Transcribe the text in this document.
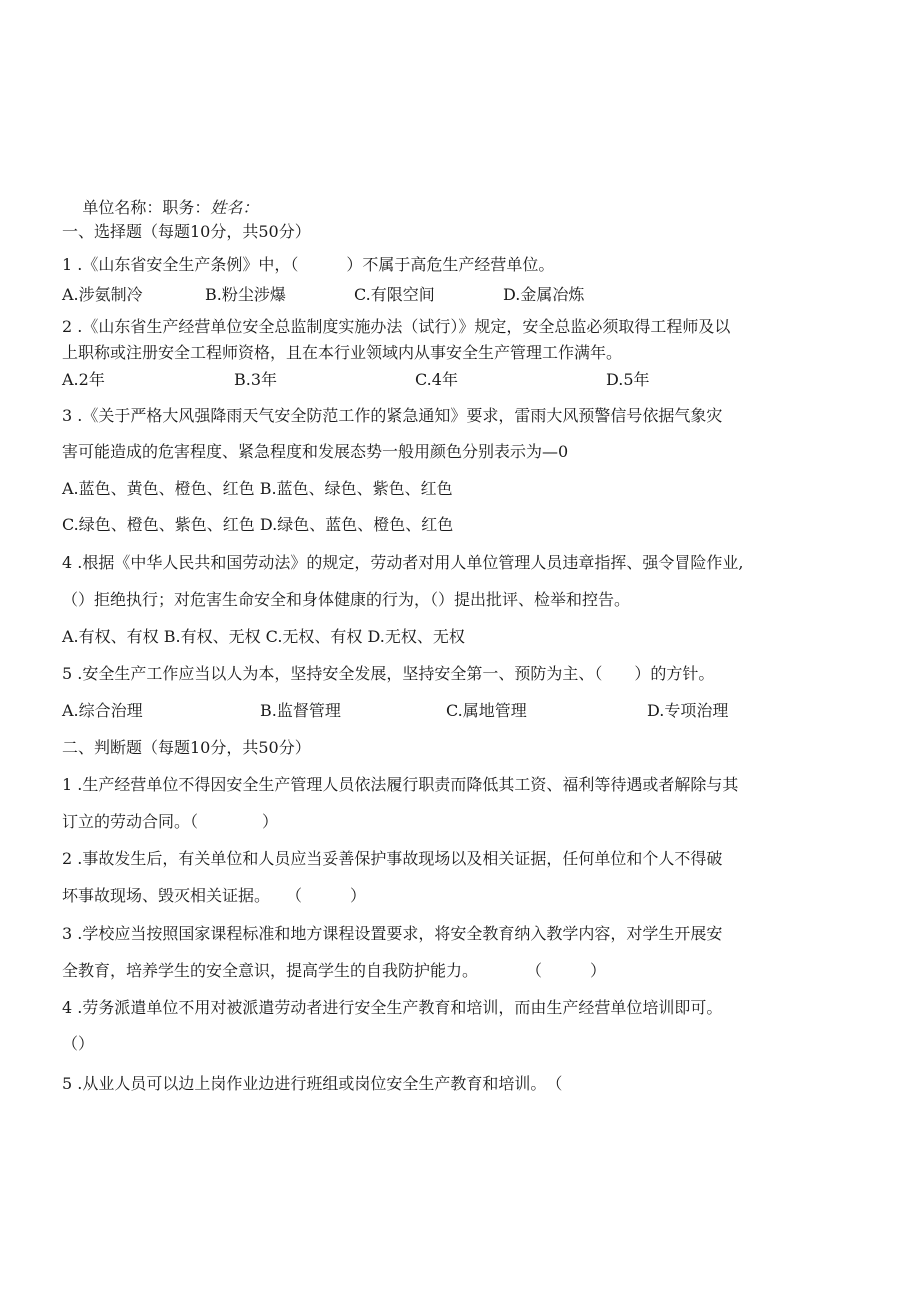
单位名称：职务：姓名：

一、选择题（每题10分，共50分）
1 .《山东省安全生产条例》中，（　　　）不属于高危生产经营单位。
A.涉氨制冷	B.粉尘涉爆	C.有限空间	D.金属冶炼
2 .《山东省生产经营单位安全总监制度实施办法（试行）》规定，安全总监必须取得工程师及以
上职称或注册安全工程师资格，且在本行业领域内从事安全生产管理工作满年。
A.2年	B.3年	C.4年	D.5年
3 .《关于严格大风强降雨天气安全防范工作的紧急通知》要求，雷雨大风预警信号依据气象灾
害可能造成的危害程度、紧急程度和发展态势一般用颜色分别表示为—0
A.蓝色、黄色、橙色、红色 B.蓝色、绿色、紫色、红色
C.绿色、橙色、紫色、红色 D.绿色、蓝色、橙色、红色
4 .根据《中华人民共和国劳动法》的规定，劳动者对用人单位管理人员违章指挥、强令冒险作业,
（）拒绝执行；对危害生命安全和身体健康的行为，（）提出批评、检举和控告。
A.有权、有权 B.有权、无权 C.无权、有权 D.无权、无权
5 .安全生产工作应当以人为本，坚持安全发展，坚持安全第一、预防为主、（　　）的方针。
A.综合治理	B.监督管理	C.属地管理	D.专项治理
二、判断题（每题10分，共50分）
1 .生产经营单位不得因安全生产管理人员依法履行职责而降低其工资、福利等待遇或者解除与其
订立的劳动合同。（　　　　）
2 .事故发生后，有关单位和人员应当妥善保护事故现场以及相关证据，任何单位和个人不得破
坏事故现场、毁灭相关证据。　　（　　　）
3 .学校应当按照国家课程标准和地方课程设置要求，将安全教育纳入教学内容，对学生开展安
全教育，培养学生的安全意识，提高学生的自我防护能力。　　　　（　　　）
4 .劳务派遣单位不用对被派遣劳动者进行安全生产教育和培训，而由生产经营单位培训即可。
（）
5 .从业人员可以边上岗作业边进行班组或岗位安全生产教育和培训。　（
